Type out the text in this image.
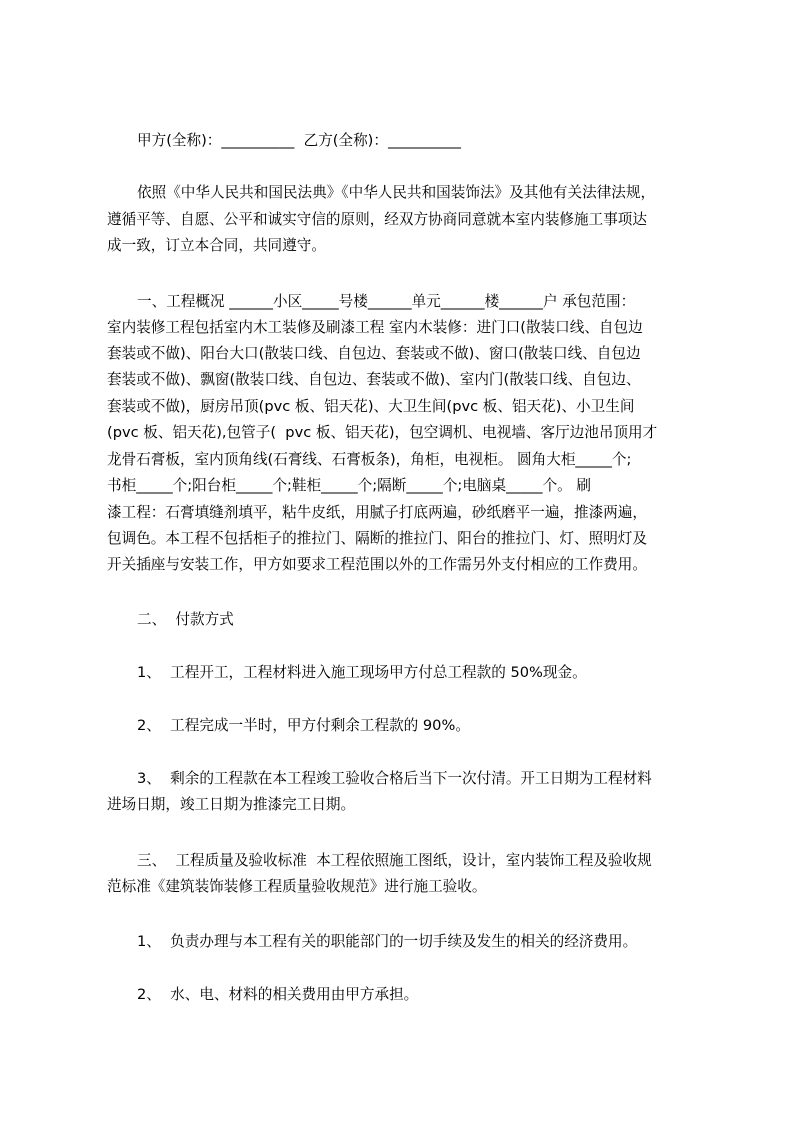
甲方(全称)：__________  乙方(全称)：__________
依照《中华人民共和国民法典》《中华人民共和国装饰法》及其他有关法律法规，
遵循平等、自愿、公平和诚实守信的原则，经双方协商同意就本室内装修施工事项达
成一致，订立本合同，共同遵守。
一、工程概况 ______小区_____号楼______单元______楼______户 承包范围：
室内装修工程包括室内木工装修及刷漆工程 室内木装修：进门口(散装口线、自包边
套装或不做)、阳台大口(散装口线、自包边、套装或不做)、窗口(散装口线、自包边
套装或不做)、飘窗(散装口线、自包边、套装或不做)、室内门(散装口线、自包边、
套装或不做)，厨房吊顶(pvc 板、铝天花)、大卫生间(pvc 板、铝天花)、小卫生间
(pvc 板、铝天花),包管子(  pvc 板、铝天花)，包空调机、电视墙、客厅边池吊顶用才
龙骨石膏板，室内顶角线(石膏线、石膏板条)，角柜，电视柜。 圆角大柜_____个;
书柜_____个;阳台柜_____个;鞋柜_____个;隔断_____个;电脑桌_____个。 刷
漆工程：石膏填缝剂填平，粘牛皮纸，用腻子打底两遍，砂纸磨平一遍，推漆两遍，
包调色。本工程不包括柜子的推拉门、隔断的推拉门、阳台的推拉门、灯、照明灯及
开关插座与安装工作，甲方如要求工程范围以外的工作需另外支付相应的工作费用。
二、  付款方式
1、  工程开工，工程材料进入施工现场甲方付总工程款的 50%现金。
2、  工程完成一半时，甲方付剩余工程款的 90%。
3、  剩余的工程款在本工程竣工验收合格后当下一次付清。开工日期为工程材料
进场日期，竣工日期为推漆完工日期。
三、  工程质量及验收标准  本工程依照施工图纸，设计，室内装饰工程及验收规
范标准《建筑装饰装修工程质量验收规范》进行施工验收。
1、  负责办理与本工程有关的职能部门的一切手续及发生的相关的经济费用。
2、  水、电、材料的相关费用由甲方承担。
